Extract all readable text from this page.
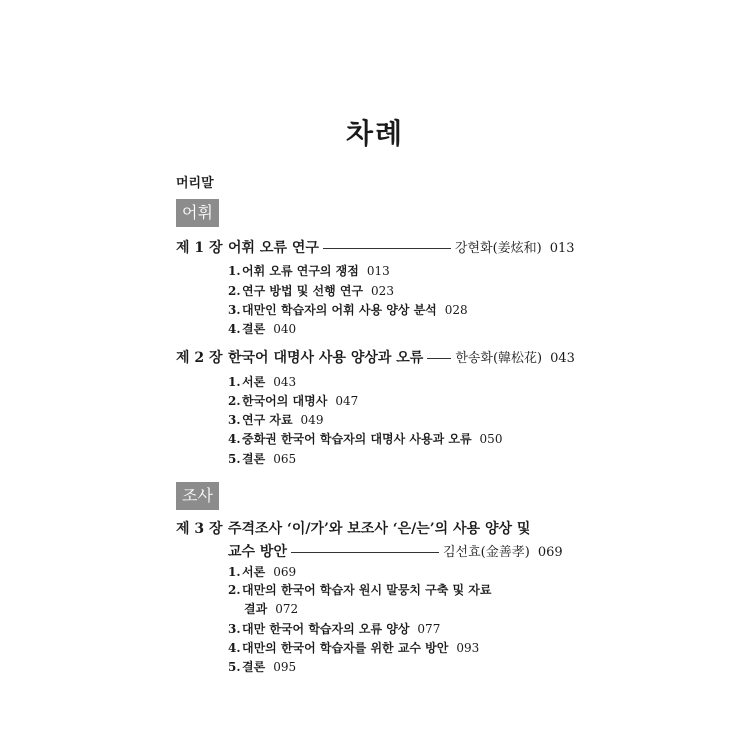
차례
머리말
어휘
제 1 장 어휘 오류 연구	강현화(姜炫和) 013
1.어휘 오류 연구의 쟁점 013
2.연구 방법 및 선행 연구 023
3.대만인 학습자의 어휘 사용 양상 분석 028
4.결론 040
제 2 장 한국어 대명사 사용 양상과 오류 한송화(韓松花) 043
1.서론 043
2.한국어의 대명사 047
3.연구 자료 049
4.중화권 한국어 학습자의 대명사 사용과 오류 050
5.결론 065
조사
제 3 장 주격조사 ‘이/가’와 보조사 ‘은/는’의 사용 양상 및
교수 방안	김선효(金善孝) 069
1.서론 069
2.대만의 한국어 학습자 원시 말뭉치 구축 및 자료
결과 072
3.대만 한국어 학습자의 오류 양상 077
4.대만의 한국어 학습자를 위한 교수 방안 093
5.결론 095
